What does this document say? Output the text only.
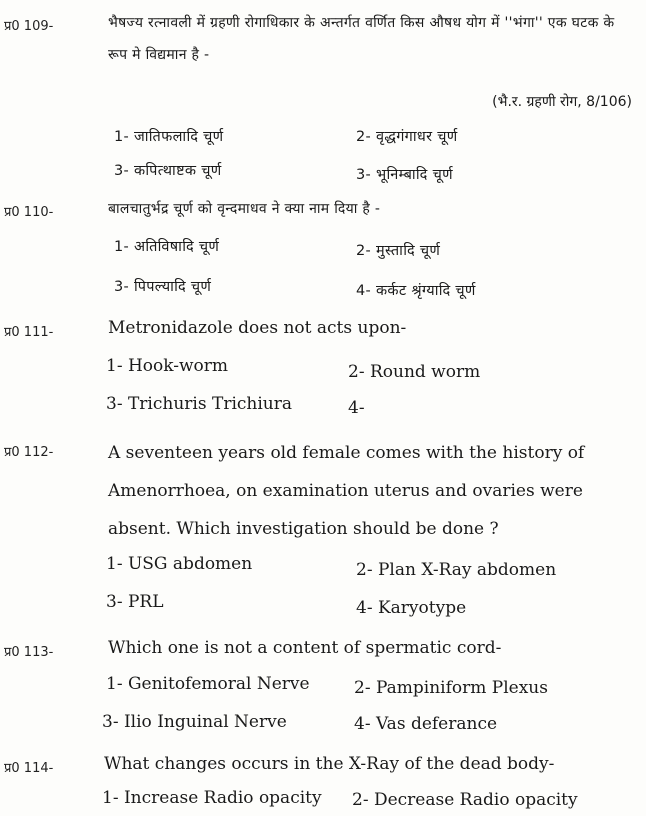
प्र0 109-	भैषज्य रत्नावली में ग्रहणी रोगाधिकार के अन्तर्गत वर्णित किस औषध योग में ''भंगा'' एक घटक के रूप मे विद्यमान है -
(भै.र. ग्रहणी रोग, 8/106)
1- जातिफलादि चूर्ण	2- वृद्धगंगाधर चूर्ण
3- कपित्थाष्टक चूर्ण	3- भूनिम्बादि चूर्ण
प्र0 110-	बालचातुर्भद्र चूर्ण को वृन्दमाधव ने क्या नाम दिया है -
1- अतिविषादि चूर्ण	2- मुस्तादि चूर्ण
3- पिपल्यादि चूर्ण	4- कर्कट श्रृंग्यादि चूर्ण
प्र0 111-	Metronidazole does not acts upon-
1- Hook-worm	2- Round worm
3- Trichuris Trichiura	4-
प्र0 112-	A seventeen years old female comes with the history of
Amenorrhoea, on examination uterus and ovaries were
absent. Which investigation should be done ?
1- USG abdomen	2- Plan X-Ray abdomen
3- PRL	4- Karyotype
प्र0 113-	Which one is not a content of spermatic cord-
1- Genitofemoral Nerve	2- Pampiniform Plexus
3- Ilio Inguinal Nerve	4- Vas deferance
प्र0 114-	What changes occurs in the X-Ray of the dead body-
1- Increase Radio opacity 2- Decrease Radio opacity
